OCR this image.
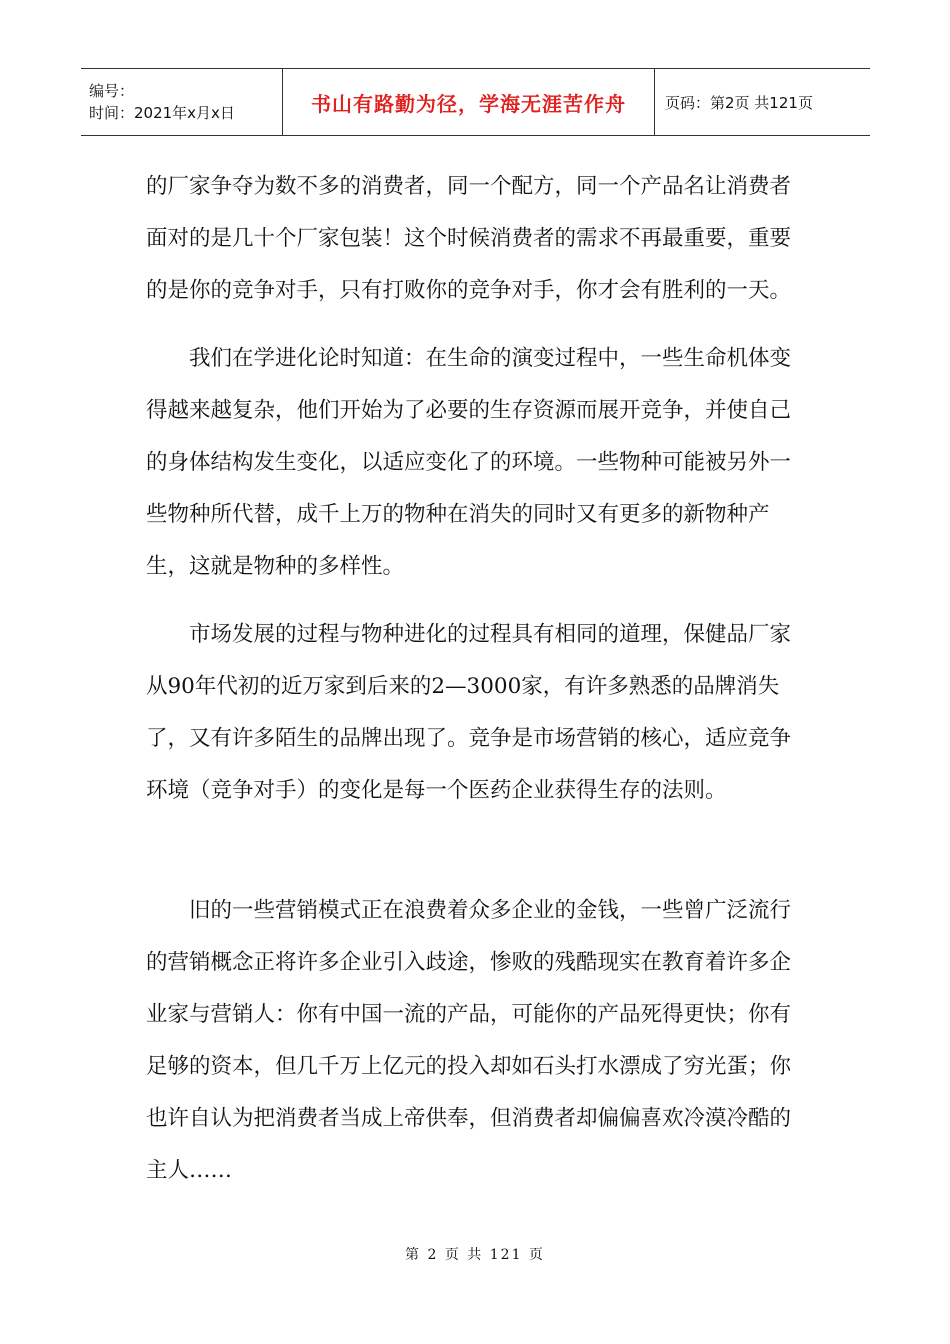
编号：
时间：2021年x月x日	书山有路勤为径，学海无涯苦作舟	页码：第2页 共121页

的厂家争夺为数不多的消费者，同一个配方，同一个产品名让消费者面对的是几十个厂家包装！这个时候消费者的需求不再最重要，重要的是你的竞争对手，只有打败你的竞争对手，你才会有胜利的一天。

我们在学进化论时知道：在生命的演变过程中，一些生命机体变得越来越复杂，他们开始为了必要的生存资源而展开竞争，并使自己的身体结构发生变化，以适应变化了的环境。一些物种可能被另外一些物种所代替，成千上万的物种在消失的同时又有更多的新物种产生，这就是物种的多样性。

市场发展的过程与物种进化的过程具有相同的道理，保健品厂家从90年代初的近万家到后来的2—3000家，有许多熟悉的品牌消失了，又有许多陌生的品牌出现了。竞争是市场营销的核心，适应竞争环境（竞争对手）的变化是每一个医药企业获得生存的法则。

旧的一些营销模式正在浪费着众多企业的金钱，一些曾广泛流行的营销概念正将许多企业引入歧途，惨败的残酷现实在教育着许多企业家与营销人：你有中国一流的产品，可能你的产品死得更快；你有足够的资本，但几千万上亿元的投入却如石头打水漂成了穷光蛋；你也许自认为把消费者当成上帝供奉，但消费者却偏偏喜欢冷漠冷酷的主人……

第 2 页 共 121 页
